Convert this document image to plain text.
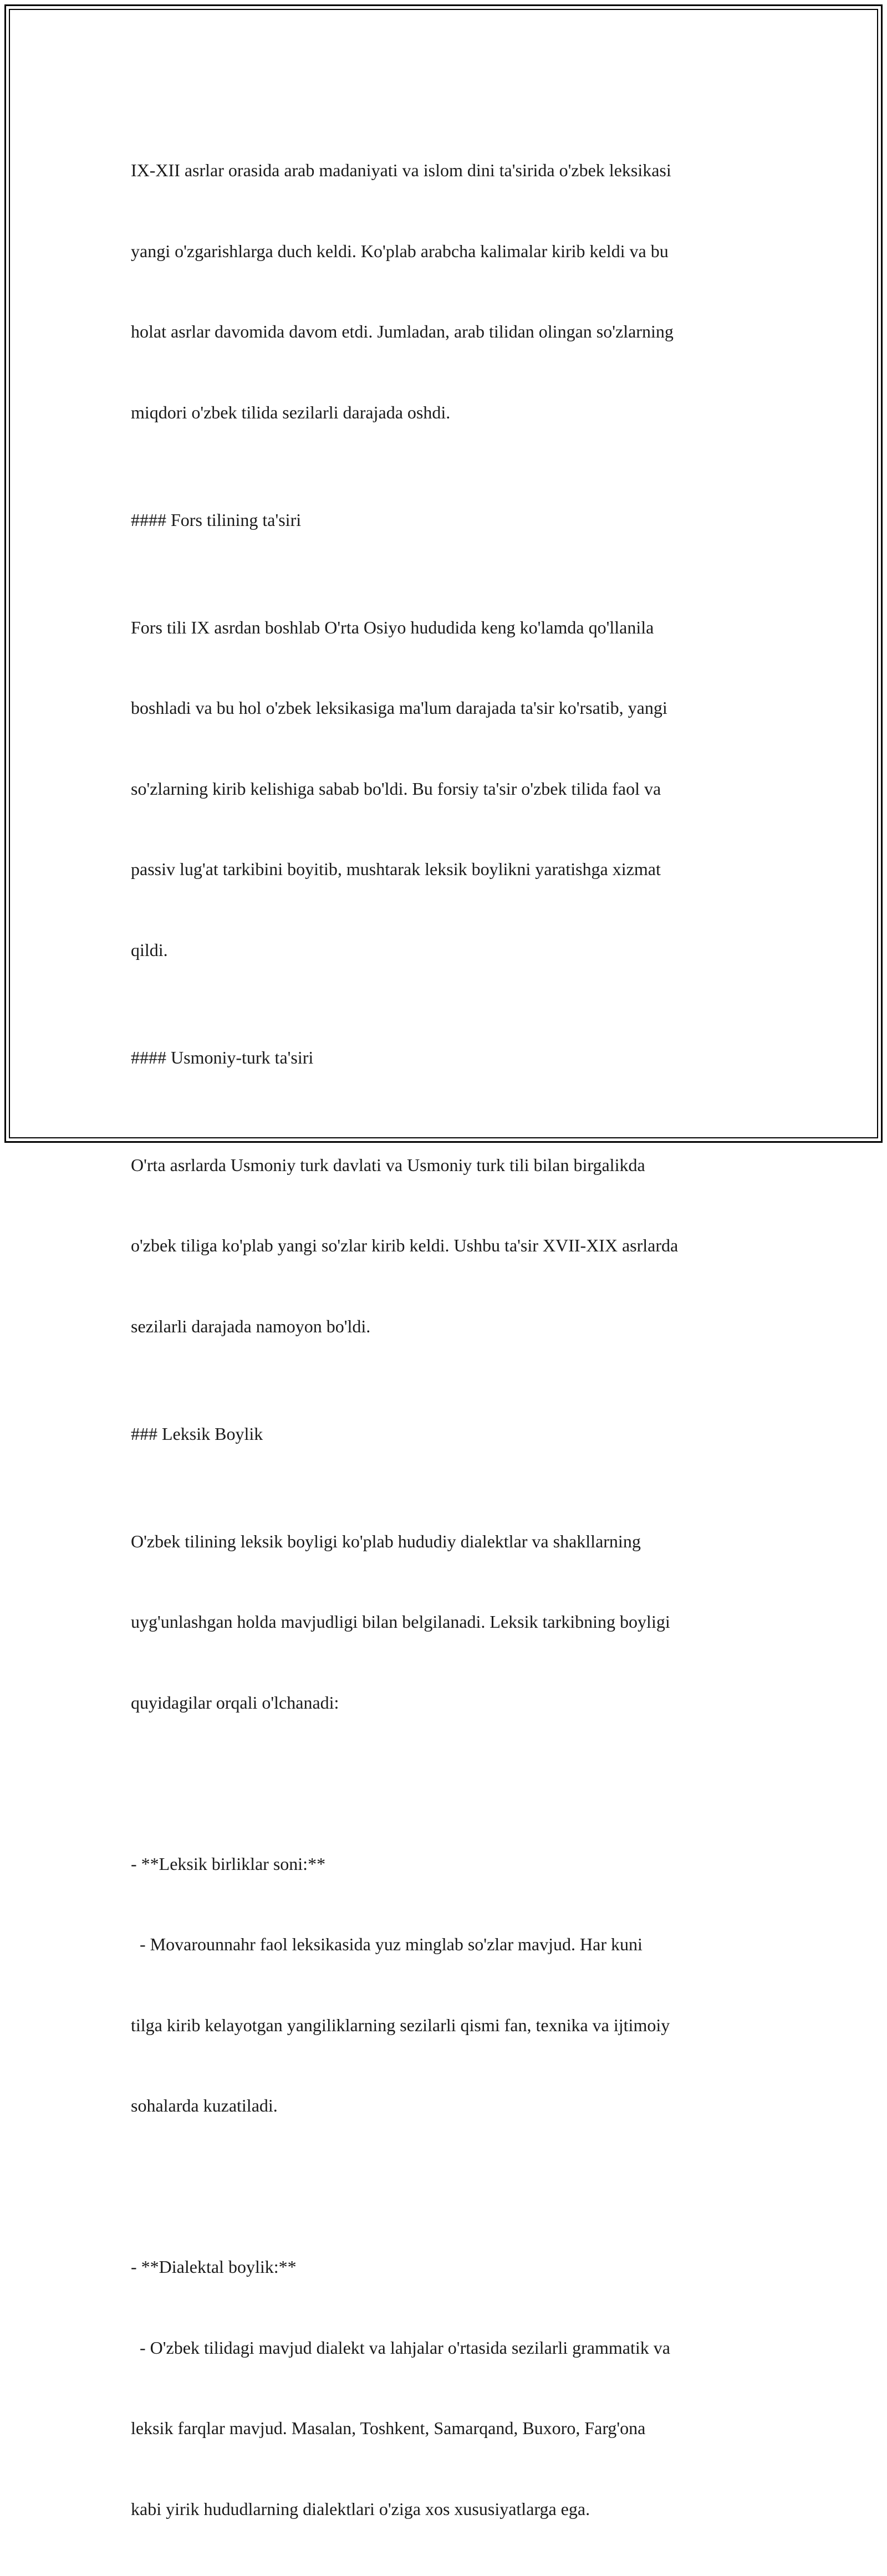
IX-XII asrlar orasida arab madaniyati va islom dini ta'sirida o'zbek leksikasi

yangi o'zgarishlarga duch keldi. Ko'plab arabcha kalimalar kirib keldi va bu

holat asrlar davomida davom etdi. Jumladan, arab tilidan olingan so'zlarning

miqdori o'zbek tilida sezilarli darajada oshdi.

#### Fors tilining ta'siri

Fors tili IX asrdan boshlab O'rta Osiyo hududida keng ko'lamda qo'llanila

boshladi va bu hol o'zbek leksikasiga ma'lum darajada ta'sir ko'rsatib, yangi

so'zlarning kirib kelishiga sabab bo'ldi. Bu forsiy ta'sir o'zbek tilida faol va

passiv lug'at tarkibini boyitib, mushtarak leksik boylikni yaratishga xizmat

qildi.

#### Usmoniy-turk ta'siri

O'rta asrlarda Usmoniy turk davlati va Usmoniy turk tili bilan birgalikda

o'zbek tiliga ko'plab yangi so'zlar kirib keldi. Ushbu ta'sir XVII-XIX asrlarda

sezilarli darajada namoyon bo'ldi.

### Leksik Boylik

O'zbek tilining leksik boyligi ko'plab hududiy dialektlar va shakllarning

uyg'unlashgan holda mavjudligi bilan belgilanadi. Leksik tarkibning boyligi

quyidagilar orqali o'lchanadi:

- **Leksik birliklar soni:**

- Movarounnahr faol leksikasida yuz minglab so'zlar mavjud. Har kuni

tilga kirib kelayotgan yangiliklarning sezilarli qismi fan, texnika va ijtimoiy

sohalarda kuzatiladi.

- **Dialektal boylik:**

- O'zbek tilidagi mavjud dialekt va lahjalar o'rtasida sezilarli grammatik va

leksik farqlar mavjud. Masalan, Toshkent, Samarqand, Buxoro, Farg'ona

kabi yirik hududlarning dialektlari o'ziga xos xususiyatlarga ega.
